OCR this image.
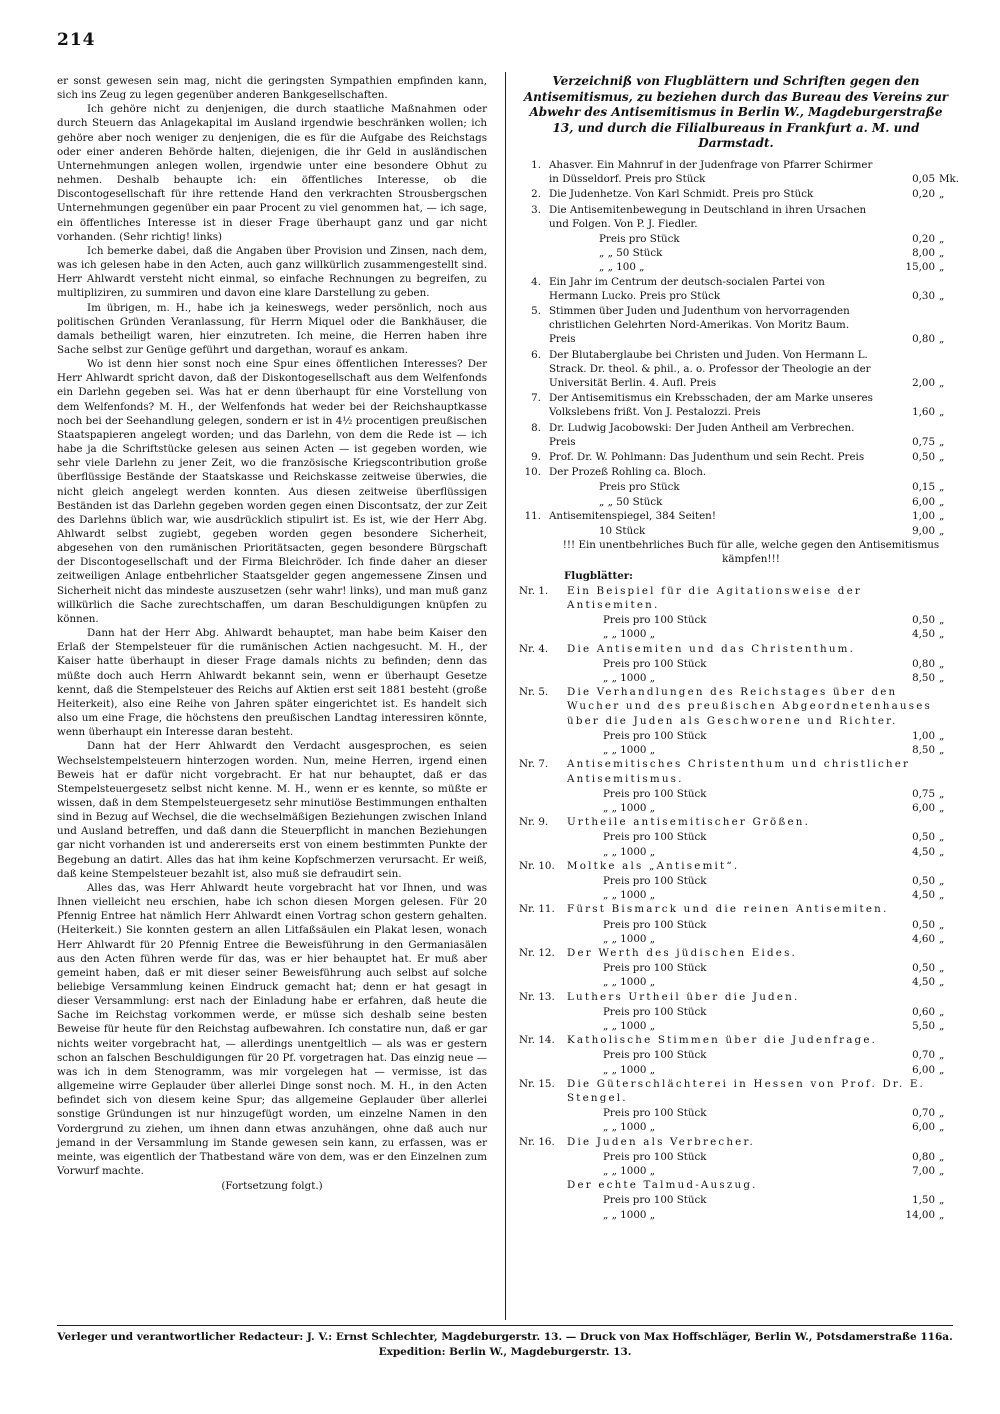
214

er sonst gewesen sein mag, nicht die geringsten Sympathien empfinden kann, sich ins Zeug zu legen gegenüber anderen Bankgesellschaften.

Ich gehöre nicht zu denjenigen, die durch staatliche Maßnahmen oder durch Steuern das Anlagekapital im Ausland irgendwie beschränken wollen; ich gehöre aber noch weniger zu denjenigen, die es für die Aufgabe des Reichstags oder einer anderen Behörde halten, diejenigen, die ihr Geld in ausländischen Unternehmungen anlegen wollen, irgendwie unter eine besondere Obhut zu nehmen. Deshalb behaupte ich: ein öffentliches Interesse, ob die Discontogesellschaft für ihre rettende Hand den verkrachten Strousbergschen Unternehmungen gegenüber ein paar Procent zu viel genommen hat, — ich sage, ein öffentliches Interesse ist in dieser Frage überhaupt ganz und gar nicht vorhanden. (Sehr richtig! links)

Ich bemerke dabei, daß die Angaben über Provision und Zinsen, nach dem, was ich gelesen habe in den Acten, auch ganz willkürlich zusammengestellt sind. Herr Ahlwardt versteht nicht einmal, so einfache Rechnungen zu begreifen, zu multipliziren, zu summiren und davon eine klare Darstellung zu geben.

Im übrigen, m. H., habe ich ja keineswegs, weder persönlich, noch aus politischen Gründen Veranlassung, für Herrn Miquel oder die Bankhäuser, die damals betheiligt waren, hier einzutreten. Ich meine, die Herren haben ihre Sache selbst zur Genüge geführt und dargethan, worauf es ankam.

Wo ist denn hier sonst noch eine Spur eines öffentlichen Interesses? Der Herr Ahlwardt spricht davon, daß der Diskontogesellschaft aus dem Welfenfonds ein Darlehn gegeben sei. Was hat er denn überhaupt für eine Vorstellung von dem Welfenfonds? M. H., der Welfenfonds hat weder bei der Reichshauptkasse noch bei der Seehandlung gelegen, sondern er ist in 4½ procentigen preußischen Staatspapieren angelegt worden; und das Darlehn, von dem die Rede ist — ich habe ja die Schriftstücke gelesen aus seinen Acten — ist gegeben worden, wie sehr viele Darlehn zu jener Zeit, wo die französische Kriegscontribution große überflüssige Bestände der Staatskasse und Reichskasse zeitweise überwies, die nicht gleich angelegt werden konnten. Aus diesen zeitweise überflüssigen Beständen ist das Darlehn gegeben worden gegen einen Discontsatz, der zur Zeit des Darlehns üblich war, wie ausdrücklich stipulirt ist. Es ist, wie der Herr Abg. Ahlwardt selbst zugiebt, gegeben worden gegen besondere Sicherheit, abgesehen von den rumänischen Prioritätsacten, gegen besondere Bürgschaft der Discontogesellschaft und der Firma Bleichröder. Ich finde daher an dieser zeitweiligen Anlage entbehrlicher Staatsgelder gegen angemessene Zinsen und Sicherheit nicht das mindeste auszusetzen (sehr wahr! links), und man muß ganz willkürlich die Sache zurechtschaffen, um daran Beschuldigungen knüpfen zu können.

Dann hat der Herr Abg. Ahlwardt behauptet, man habe beim Kaiser den Erlaß der Stempelsteuer für die rumänischen Actien nachgesucht. M. H., der Kaiser hatte überhaupt in dieser Frage damals nichts zu befinden; denn das müßte doch auch Herrn Ahlwardt bekannt sein, wenn er überhaupt Gesetze kennt, daß die Stempelsteuer des Reichs auf Aktien erst seit 1881 besteht (große Heiterkeit), also eine Reihe von Jahren später eingerichtet ist. Es handelt sich also um eine Frage, die höchstens den preußischen Landtag interessiren könnte, wenn überhaupt ein Interesse daran besteht.

Dann hat der Herr Ahlwardt den Verdacht ausgesprochen, es seien Wechselstempelsteuern hinterzogen worden. Nun, meine Herren, irgend einen Beweis hat er dafür nicht vorgebracht. Er hat nur behauptet, daß er das Stempelsteuergesetz selbst nicht kenne. M. H., wenn er es kennte, so müßte er wissen, daß in dem Stempelsteuergesetz sehr minutiöse Bestimmungen enthalten sind in Bezug auf Wechsel, die die wechselmäßigen Beziehungen zwischen Inland und Ausland betreffen, und daß dann die Steuerpflicht in manchen Beziehungen gar nicht vorhanden ist und andererseits erst von einem bestimmten Punkte der Begebung an datirt. Alles das hat ihm keine Kopfschmerzen verursacht. Er weiß, daß keine Stempelsteuer bezahlt ist, also muß sie defraudirt sein.

Alles das, was Herr Ahlwardt heute vorgebracht hat vor Ihnen, und was Ihnen vielleicht neu erschien, habe ich schon diesen Morgen gelesen. Für 20 Pfennig Entree hat nämlich Herr Ahlwardt einen Vortrag schon gestern gehalten. (Heiterkeit.) Sie konnten gestern an allen Litfaßsäulen ein Plakat lesen, wonach Herr Ahlwardt für 20 Pfennig Entree die Beweisführung in den Germaniasälen aus den Acten führen werde für das, was er hier behauptet hat. Er muß aber gemeint haben, daß er mit dieser seiner Beweisführung auch selbst auf solche beliebige Versammlung keinen Eindruck gemacht hat; denn er hat gesagt in dieser Versammlung: erst nach der Einladung habe er erfahren, daß heute die Sache im Reichstag vorkommen werde, er müsse sich deshalb seine besten Beweise für heute für den Reichstag aufbewahren. Ich constatire nun, daß er gar nichts weiter vorgebracht hat, — allerdings unentgeltlich — als was er gestern schon an falschen Beschuldigungen für 20 Pf. vorgetragen hat. Das einzig neue — was ich in dem Stenogramm, was mir vorgelegen hat — vermisse, ist das allgemeine wirre Geplauder über allerlei Dinge sonst noch. M. H., in den Acten befindet sich von diesem keine Spur; das allgemeine Geplauder über allerlei sonstige Gründungen ist nur hinzugefügt worden, um einzelne Namen in den Vordergrund zu ziehen, um ihnen dann etwas anzuhängen, ohne daß auch nur jemand in der Versammlung im Stande gewesen sein kann, zu erfassen, was er meinte, was eigentlich der Thatbestand wäre von dem, was er den Einzelnen zum Vorwurf machte.

(Fortsetzung folgt.)

Verzeichniß von Flugblättern und Schriften gegen den Antisemitismus, zu beziehen durch das Bureau des Vereins zur Abwehr des Antisemitismus in Berlin W., Magdeburgerstraße 13, und durch die Filialbureaus in Frankfurt a. M. und Darmstadt.
1. Ahasver. Ein Mahnruf in der Judenfrage von Pfarrer Schirmer in Düsseldorf. Preis pro Stück	0,05 Mk.
2. Die Judenhetze. Von Karl Schmidt. Preis pro Stück	0,20 „
3. Die Antisemitenbewegung in Deutschland in ihren Ursachen und Folgen. Von P. J. Fiedler.
Preis pro Stück	0,20 „
„ „ 50 Stück	8,00 „
„ „ 100 „	15,00 „
4. Ein Jahr im Centrum der deutsch-socialen Partei von Hermann Lucko. Preis pro Stück	0,30 „
5. Stimmen über Juden und Judenthum von hervorragenden christlichen Gelehrten Nord-Amerikas. Von Moritz Baum. Preis	0,80 „
6. Der Blutaberglaube bei Christen und Juden. Von Hermann L. Strack. Dr. theol. & phil., a. o. Professor der Theologie an der Universität Berlin. 4. Aufl. Preis	2,00 „
7. Der Antisemitismus ein Krebsschaden, der am Marke unseres Volkslebens frißt. Von J. Pestalozzi. Preis	1,60 „
8. Dr. Ludwig Jacobowski: Der Juden Antheil am Verbrechen. Preis	0,75 „
9. Prof. Dr. W. Pohlmann: Das Judenthum und sein Recht. Preis	0,50 „
10. Der Prozeß Rohling ca. Bloch.
Preis pro Stück	0,15 „
„ „ 50 Stück	6,00 „
11. Antisemitenspiegel, 384 Seiten!	1,00 „
10 Stück	9,00 „
!!! Ein unentbehrliches Buch für alle, welche gegen den Antisemitismus kämpfen!!!
Flugblätter:
Nr. 1.	Ein Beispiel für die Agitationsweise der Antisemiten.
Preis pro 100 Stück	0,50 „
„ „ 1000 „	4,50 „
Nr. 4.	Die Antisemiten und das Christenthum.
Preis pro 100 Stück	0,80 „
„ „ 1000 „	8,50 „
Nr. 5.	Die Verhandlungen des Reichstages über den Wucher und des preußischen Abgeordnetenhauses über die Juden als Geschworene und Richter.
Preis pro 100 Stück	1,00 „
„ „ 1000 „	8,50 „
Nr. 7.	Antisemitisches Christenthum und christlicher Antisemitismus.
Preis pro 100 Stück	0,75 „
„ „ 1000 „	6,00 „
Nr. 9.	Urtheile antisemitischer Größen.
Preis pro 100 Stück	0,50 „
„ „ 1000 „	4,50 „
Nr. 10.	Moltke als „Antisemit“.
Preis pro 100 Stück	0,50 „
„ „ 1000 „	4,50 „
Nr. 11.	Fürst Bismarck und die reinen Antisemiten.
Preis pro 100 Stück	0,50 „
„ „ 1000 „	4,60 „
Nr. 12.	Der Werth des jüdischen Eides.
Preis pro 100 Stück	0,50 „
„ „ 1000 „	4,50 „
Nr. 13.	Luthers Urtheil über die Juden.
Preis pro 100 Stück	0,60 „
„ „ 1000 „	5,50 „
Nr. 14.	Katholische Stimmen über die Judenfrage.
Preis pro 100 Stück	0,70 „
„ „ 1000 „	6,00 „
Nr. 15.	Die Güterschlächterei in Hessen von Prof. Dr. E. Stengel.
Preis pro 100 Stück	0,70 „
„ „ 1000 „	6,00 „
Nr. 16.	Die Juden als Verbrecher.
Preis pro 100 Stück	0,80 „
„ „ 1000 „	7,00 „
Der echte Talmud-Auszug.
Preis pro 100 Stück	1,50 „
„ „ 1000 „	14,00 „
Verleger und verantwortlicher Redacteur: J. V.: Ernst Schlechter, Magdeburgerstr. 13. — Druck von Max Hoffschläger, Berlin W., Potsdamerstraße 116a.
Expedition: Berlin W., Magdeburgerstr. 13.
